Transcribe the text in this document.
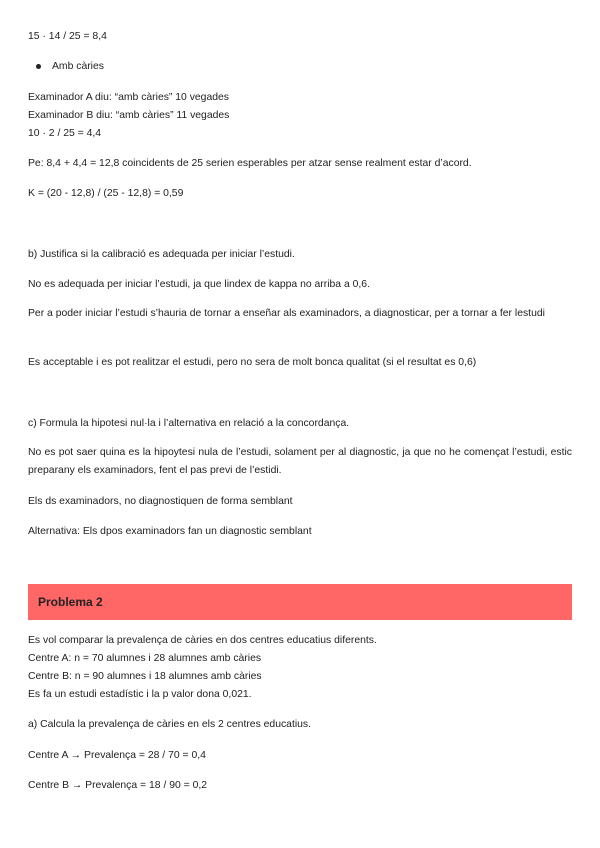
15 · 14 / 25 = 8,4
Amb càries
Examinador A diu: “amb càries” 10 vegades
Examinador B diu: “amb càries” 11 vegades
10 · 2 / 25 = 4,4
Pe: 8,4 + 4,4 = 12,8 coincidents de 25 serien esperables per atzar sense realment estar d’acord.
K = (20 - 12,8) / (25 - 12,8) = 0,59
b) Justifica si la calibració es adequada per iniciar l’estudi.
No es adequada per iniciar l’estudi, ja que lindex de kappa no arriba a 0,6.
Per a poder iniciar l’estudi s’hauria de tornar a enseñar als examinadors, a diagnosticar, per a tornar a fer lestudi
Es acceptable i es pot realitzar el estudi, pero no sera de molt bonca qualitat (si el resultat es 0,6)
c) Formula la hipotesi nul·la i l’alternativa en relació a la concordança.
No es pot saer quina es la hipoytesi nula de l’estudi, solament per al diagnostic, ja que no he començat l’estudi, estic preparany els examinadors, fent el pas previ de l’estidi.
Els ds examinadors, no diagnostiquen de forma semblant
Alternativa: Els dpos examinadors fan un diagnostic semblant
Problema 2
Es vol comparar la prevalença de càries en dos centres educatius diferents.
Centre A: n = 70 alumnes i 28 alumnes amb càries
Centre B: n = 90 alumnes i 18 alumnes amb càries
Es fa un estudi estadístic i la p valor dona 0,021.
a) Calcula la prevalença de càries en els 2 centres educatius.
Centre A → Prevalença = 28 / 70 = 0,4
Centre B → Prevalença = 18 / 90 = 0,2
